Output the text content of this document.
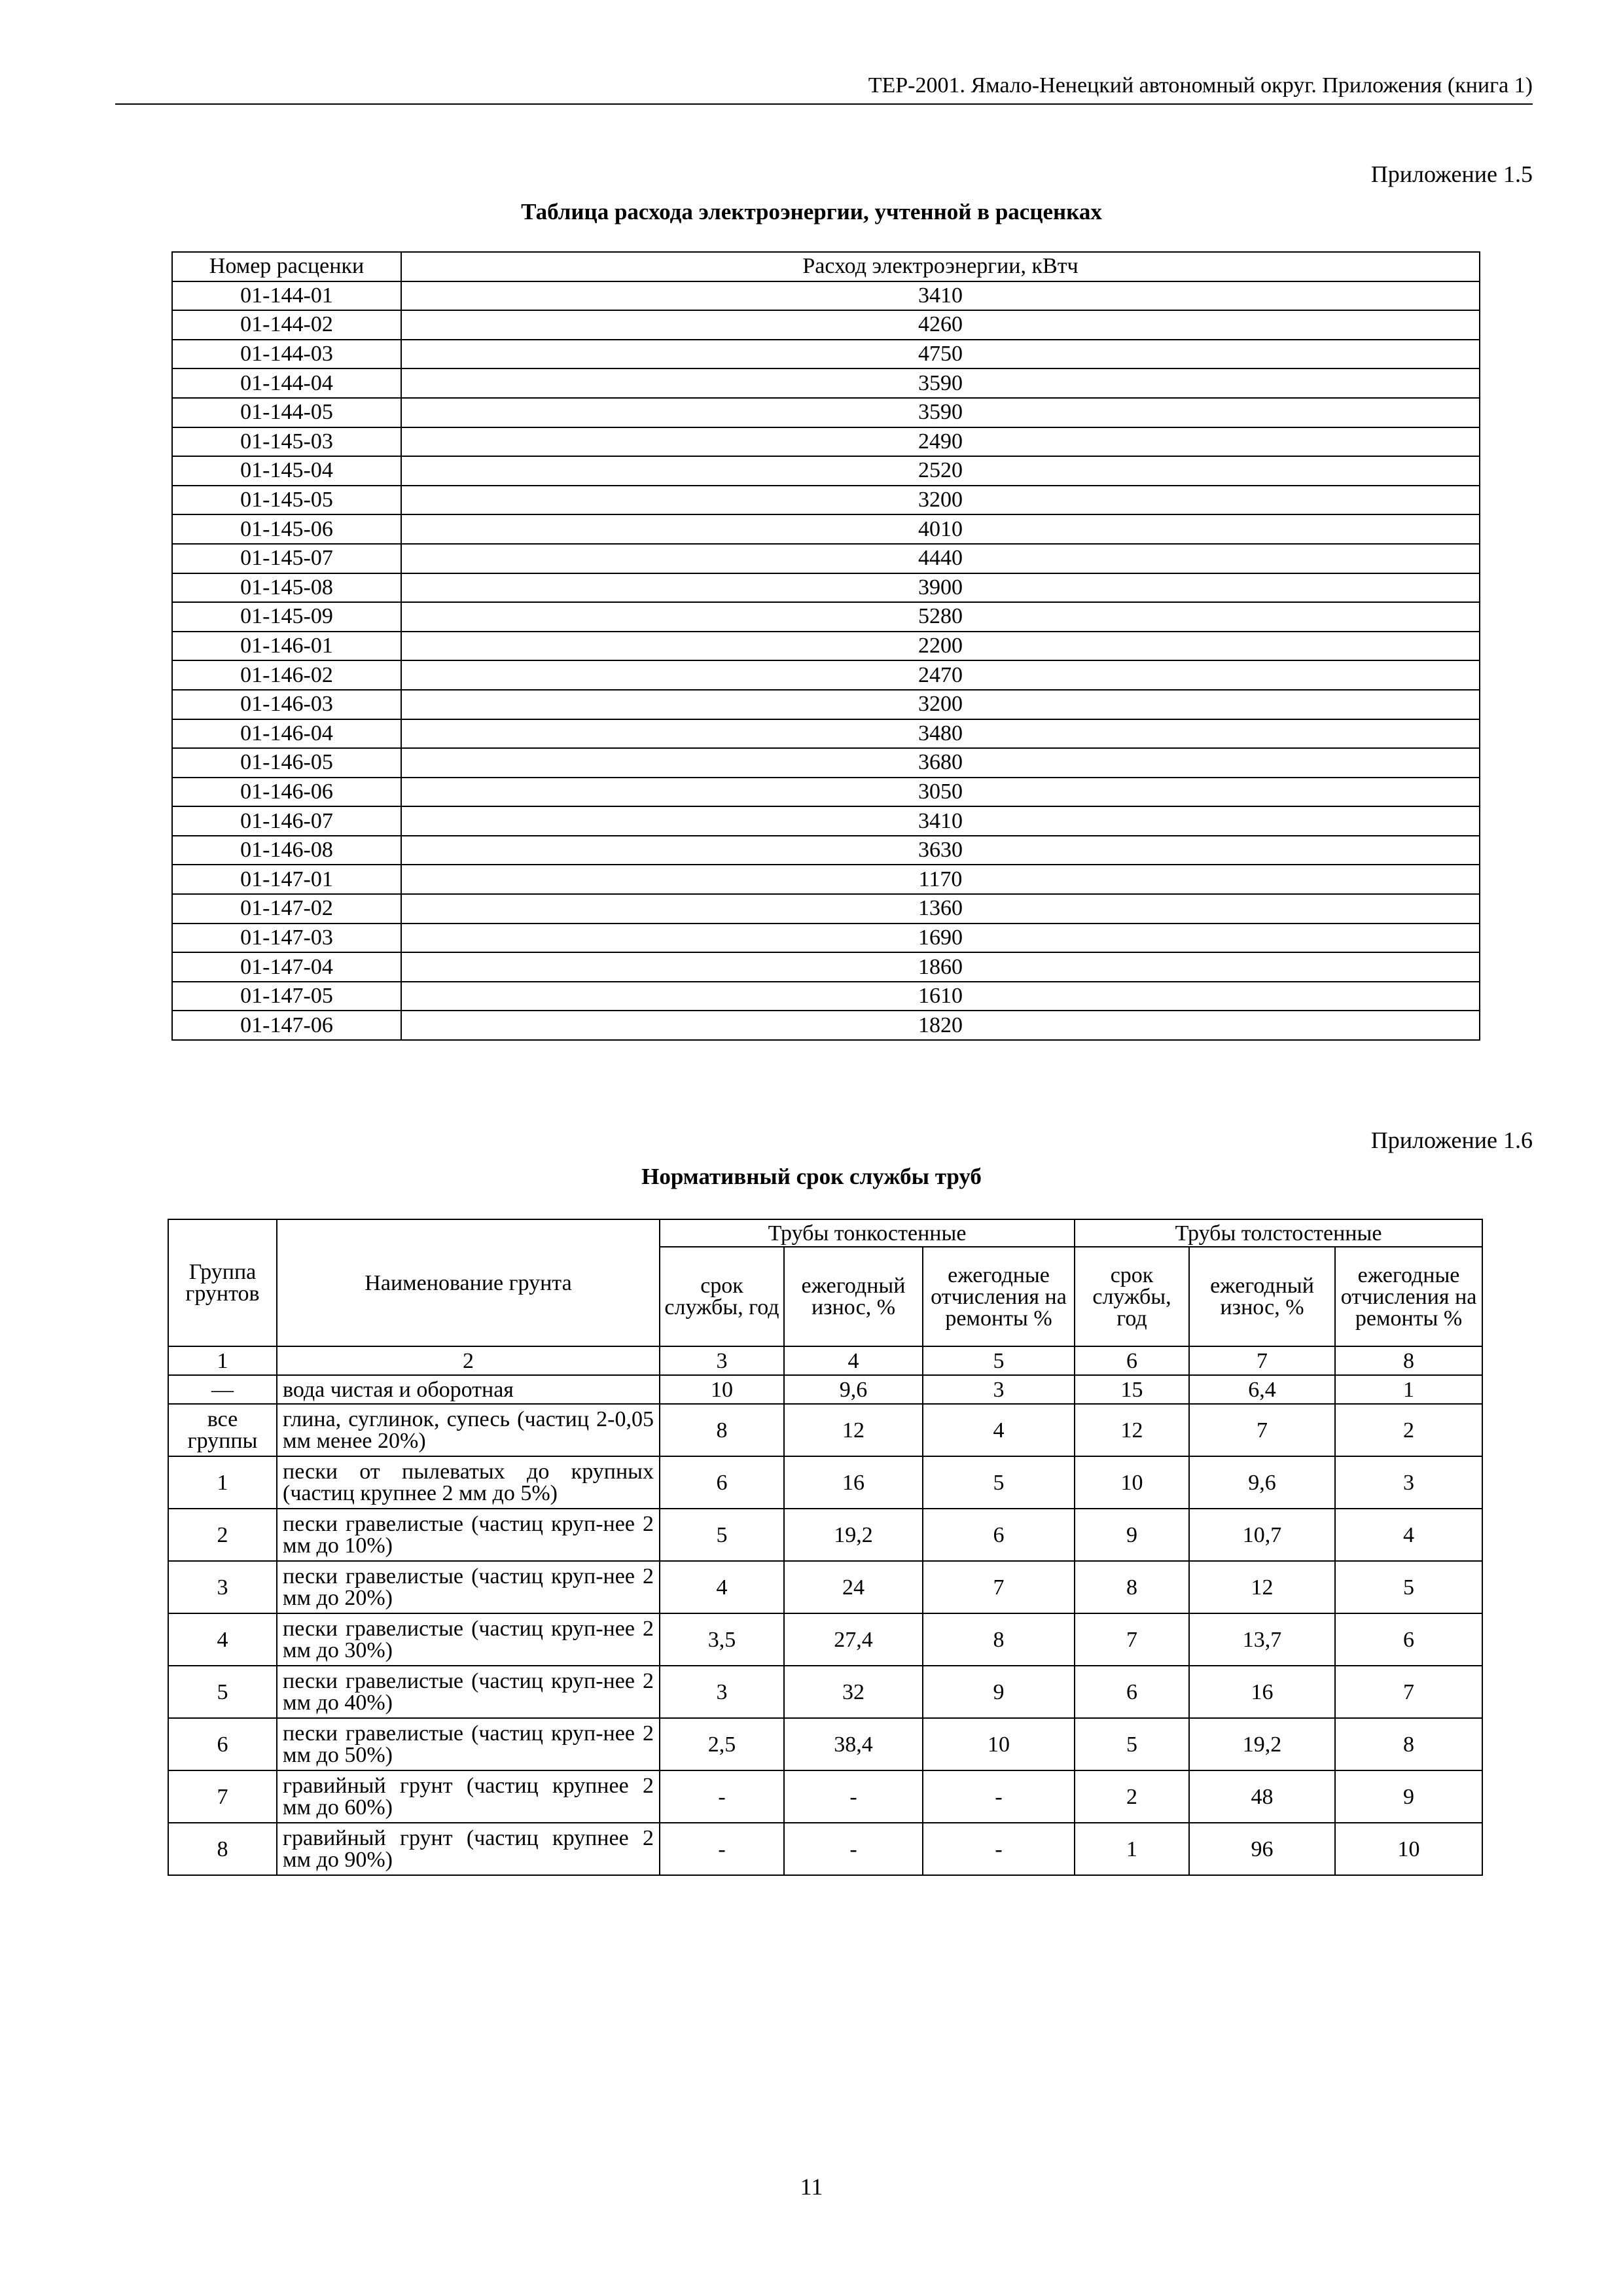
ТЕР-2001. Ямало-Ненецкий автономный округ. Приложения (книга 1)
Приложение 1.5
Таблица расхода электроэнергии, учтенной в расценках
Номер расценки	Расход электроэнергии, кВтч
01-144-01	3410
01-144-02	4260
01-144-03	4750
01-144-04	3590
01-144-05	3590
01-145-03	2490
01-145-04	2520
01-145-05	3200
01-145-06	4010
01-145-07	4440
01-145-08	3900
01-145-09	5280
01-146-01	2200
01-146-02	2470
01-146-03	3200
01-146-04	3480
01-146-05	3680
01-146-06	3050
01-146-07	3410
01-146-08	3630
01-147-01	1170
01-147-02	1360
01-147-03	1690
01-147-04	1860
01-147-05	1610
01-147-06	1820
Приложение 1.6
Нормативный срок службы труб
Группа грунтов	Наименование грунта	Трубы тонкостенные			Трубы толстостенные		
		срок службы, год	ежегодный износ, %	ежегодные отчисления на ремонты %	срок службы, год	ежегодный износ, %	ежегодные отчисления на ремонты %
1	2	3	4	5	6	7	8
—	вода чистая и оборотная	10	9,6	3	15	6,4	1
все группы	глина, суглинок, супесь (частиц 2-0,05 мм менее 20%)	8	12	4	12	7	2
1	пески от пылеватых до крупных (частиц крупнее 2 мм до 5%)	6	16	5	10	9,6	3
2	пески гравелистые (частиц круп-нее 2 мм до 10%)	5	19,2	6	9	10,7	4
3	пески гравелистые (частиц круп-нее 2 мм до 20%)	4	24	7	8	12	5
4	пески гравелистые (частиц круп-нее 2 мм до 30%)	3,5	27,4	8	7	13,7	6
5	пески гравелистые (частиц круп-нее 2 мм до 40%)	3	32	9	6	16	7
6	пески гравелистые (частиц круп-нее 2 мм до 50%)	2,5	38,4	10	5	19,2	8
7	гравийный грунт (частиц крупнее 2 мм до 60%)	-	-	-	2	48	9
8	гравийный грунт (частиц крупнее 2 мм до 90%)	-	-	-	1	96	10
11
